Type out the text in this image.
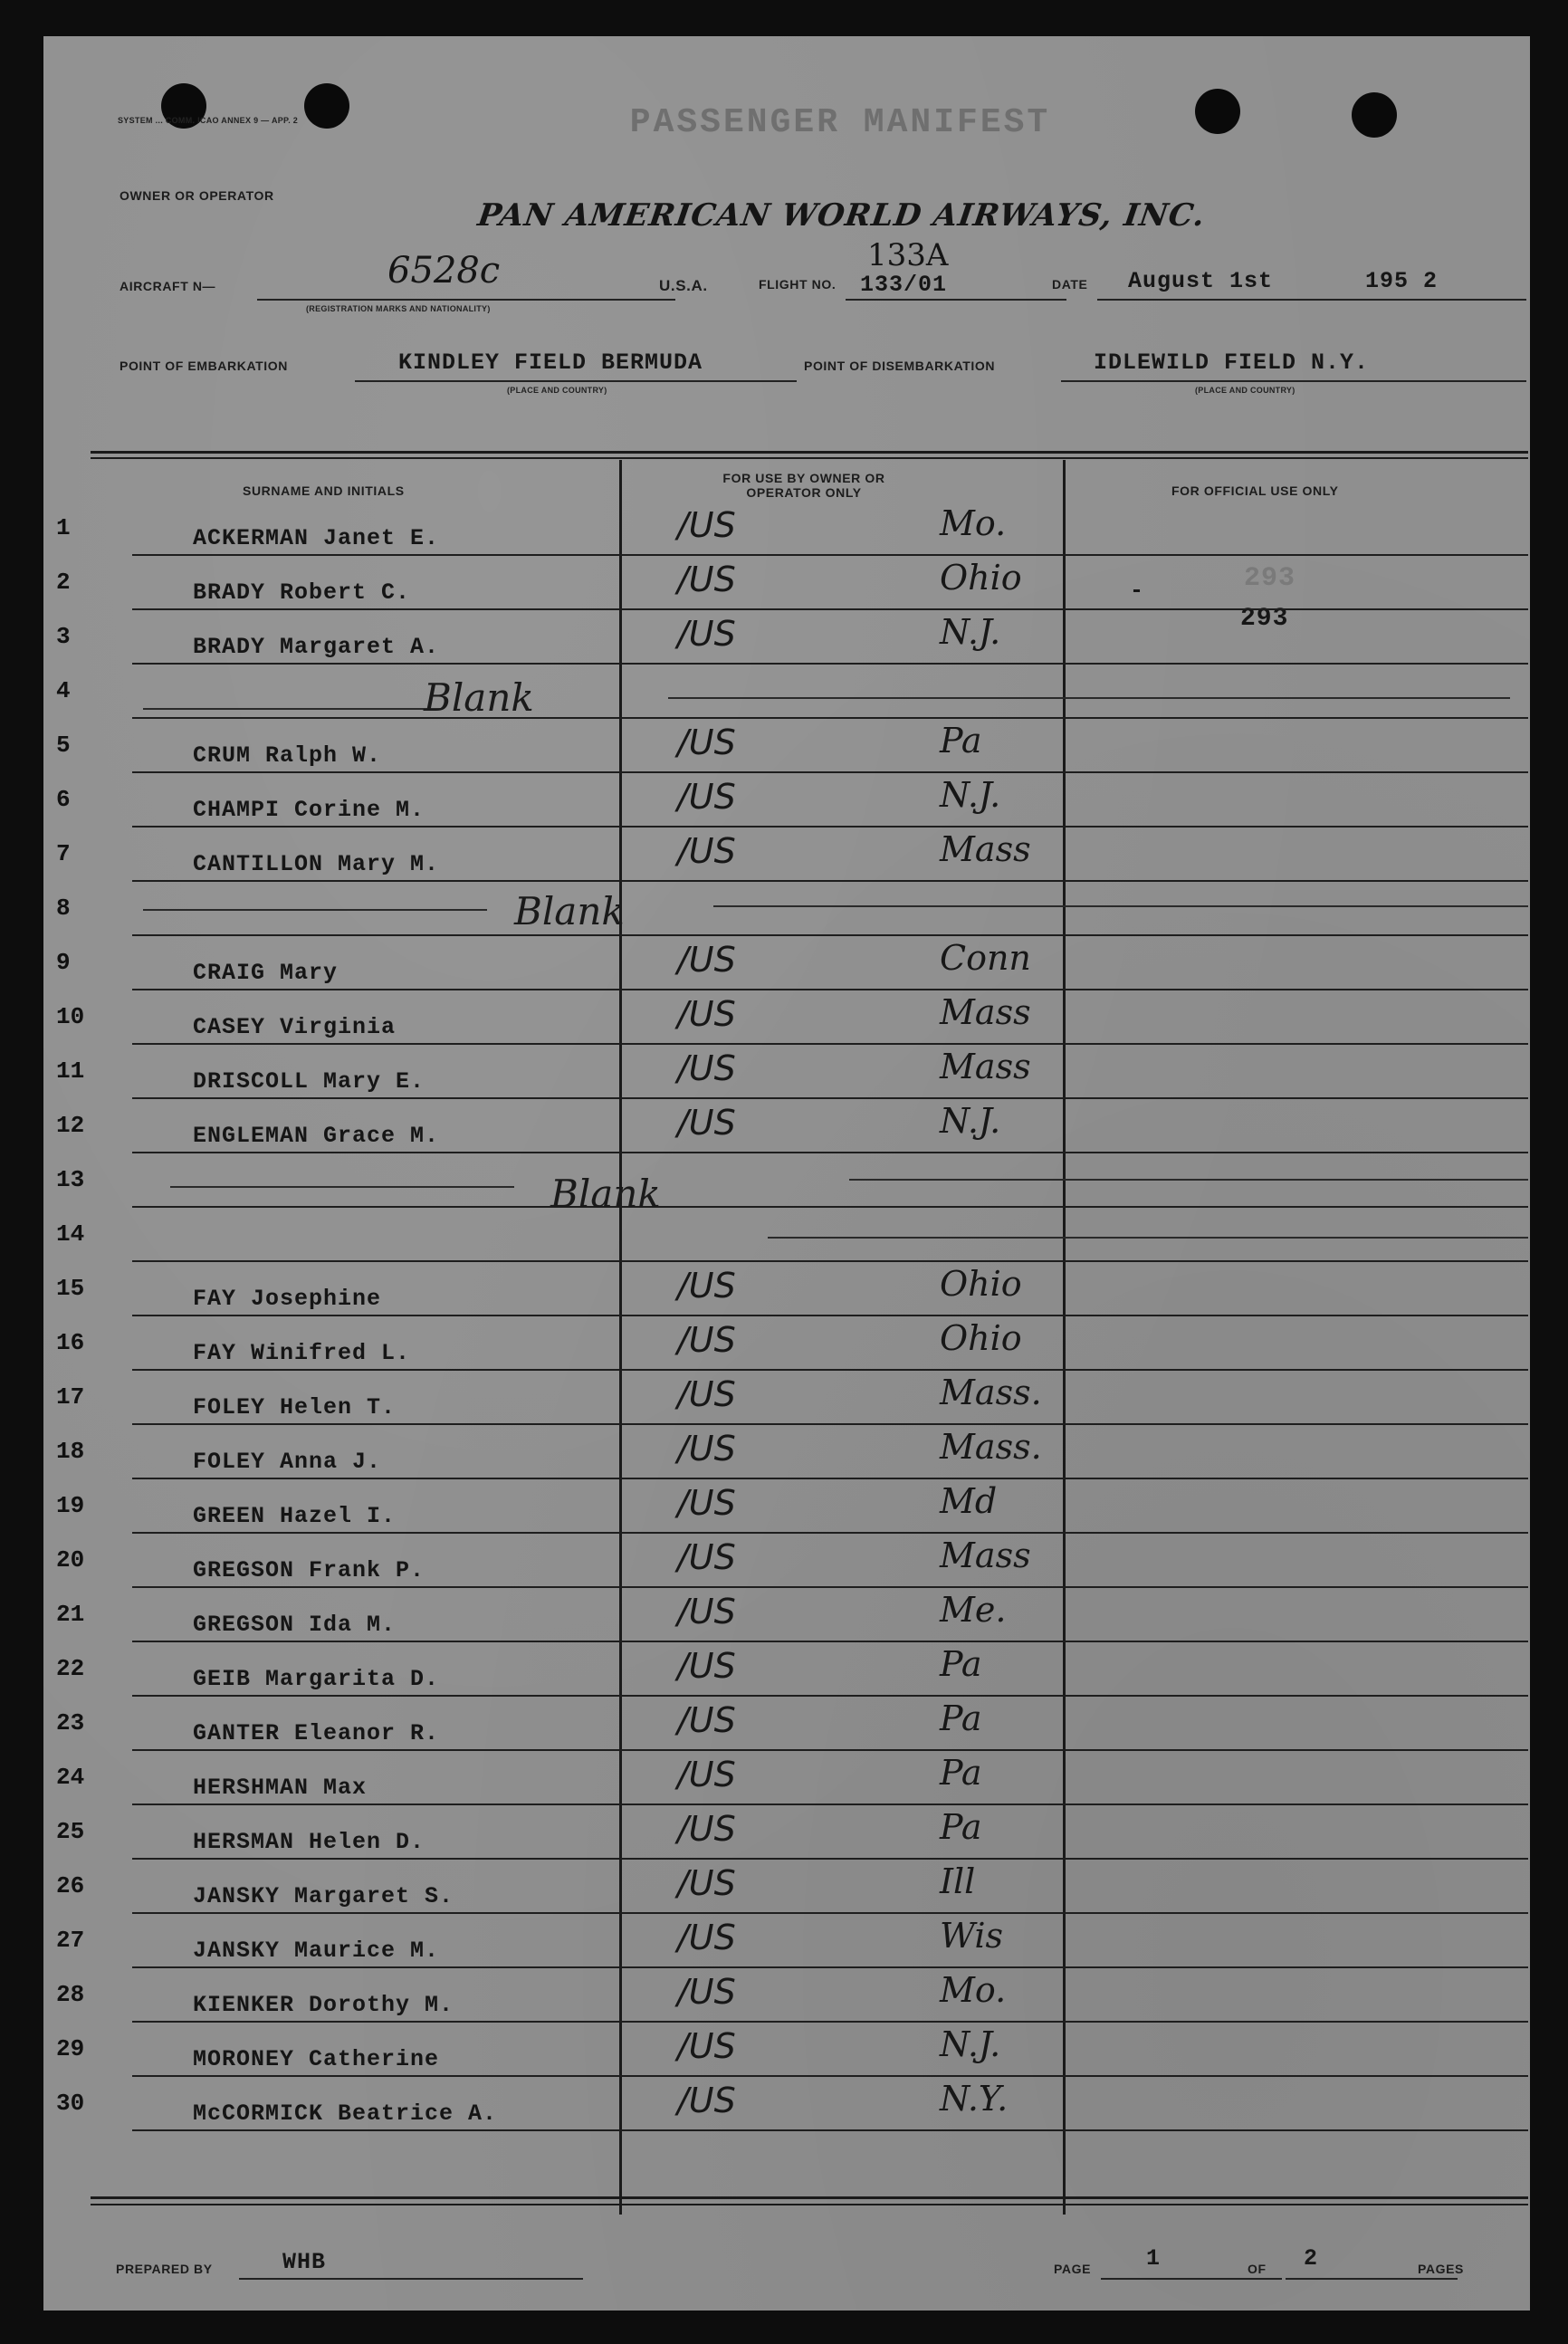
SYSTEM ... COMM. ICAO ANNEX 9 — APP. 2	PASSENGER MANIFEST
OWNER OR OPERATOR
PAN AMERICAN WORLD AIRWAYS, INC.
AIRCRAFT N—	6528c
(REGISTRATION MARKS AND NATIONALITY)
U.S.A.	FLIGHT NO.
133A
133/01	DATE August 1st	195 2
POINT OF EMBARKATION	KINDLEY FIELD BERMUDA
(PLACE AND COUNTRY)
POINT OF DISEMBARKATION	IDLEWILD FIELD N.Y.
(PLACE AND COUNTRY)
SURNAME AND INITIALS
FOR USE BY OWNER OR OPERATOR ONLY	FOR OFFICIAL USE ONLY
293
293
-
1	ACKERMAN Janet E.	/US	Mo.
2	BRADY Robert C.	/US	Ohio
3	BRADY Margaret A.	/US	N.J.
4
5	CRUM Ralph W.	/US	Pa
6	CHAMPI Corine M.	/US	N.J.
7	CANTILLON Mary M.	/US	Mass
8
9	CRAIG Mary	/US	Conn
10	CASEY Virginia	/US	Mass
11	DRISCOLL Mary E.	/US	Mass
12	ENGLEMAN Grace M.	/US	N.J.
13
14
15	FAY Josephine	/US	Ohio
16	FAY Winifred L.	/US	Ohio
17	FOLEY Helen T.	/US	Mass.
18	FOLEY Anna J.	/US	Mass.
19	GREEN Hazel I.	/US	Md
20	GREGSON Frank P.	/US	Mass
21	GREGSON Ida M.	/US	Me.
22	GEIB Margarita D.	/US	Pa
23	GANTER Eleanor R.	/US	Pa
24	HERSHMAN Max	/US	Pa
25	HERSMAN Helen D.	/US	Pa
26	JANSKY Margaret S.	/US	Ill
27	JANSKY Maurice M.	/US	Wis
28	KIENKER Dorothy M.	/US	Mo.
29	MORONEY Catherine	/US	N.J.
30	McCORMICK Beatrice A.	/US	N.Y.
Blank
Blank
Blank
PREPARED BY	WHB	PAGE 1	OF 2	PAGES
